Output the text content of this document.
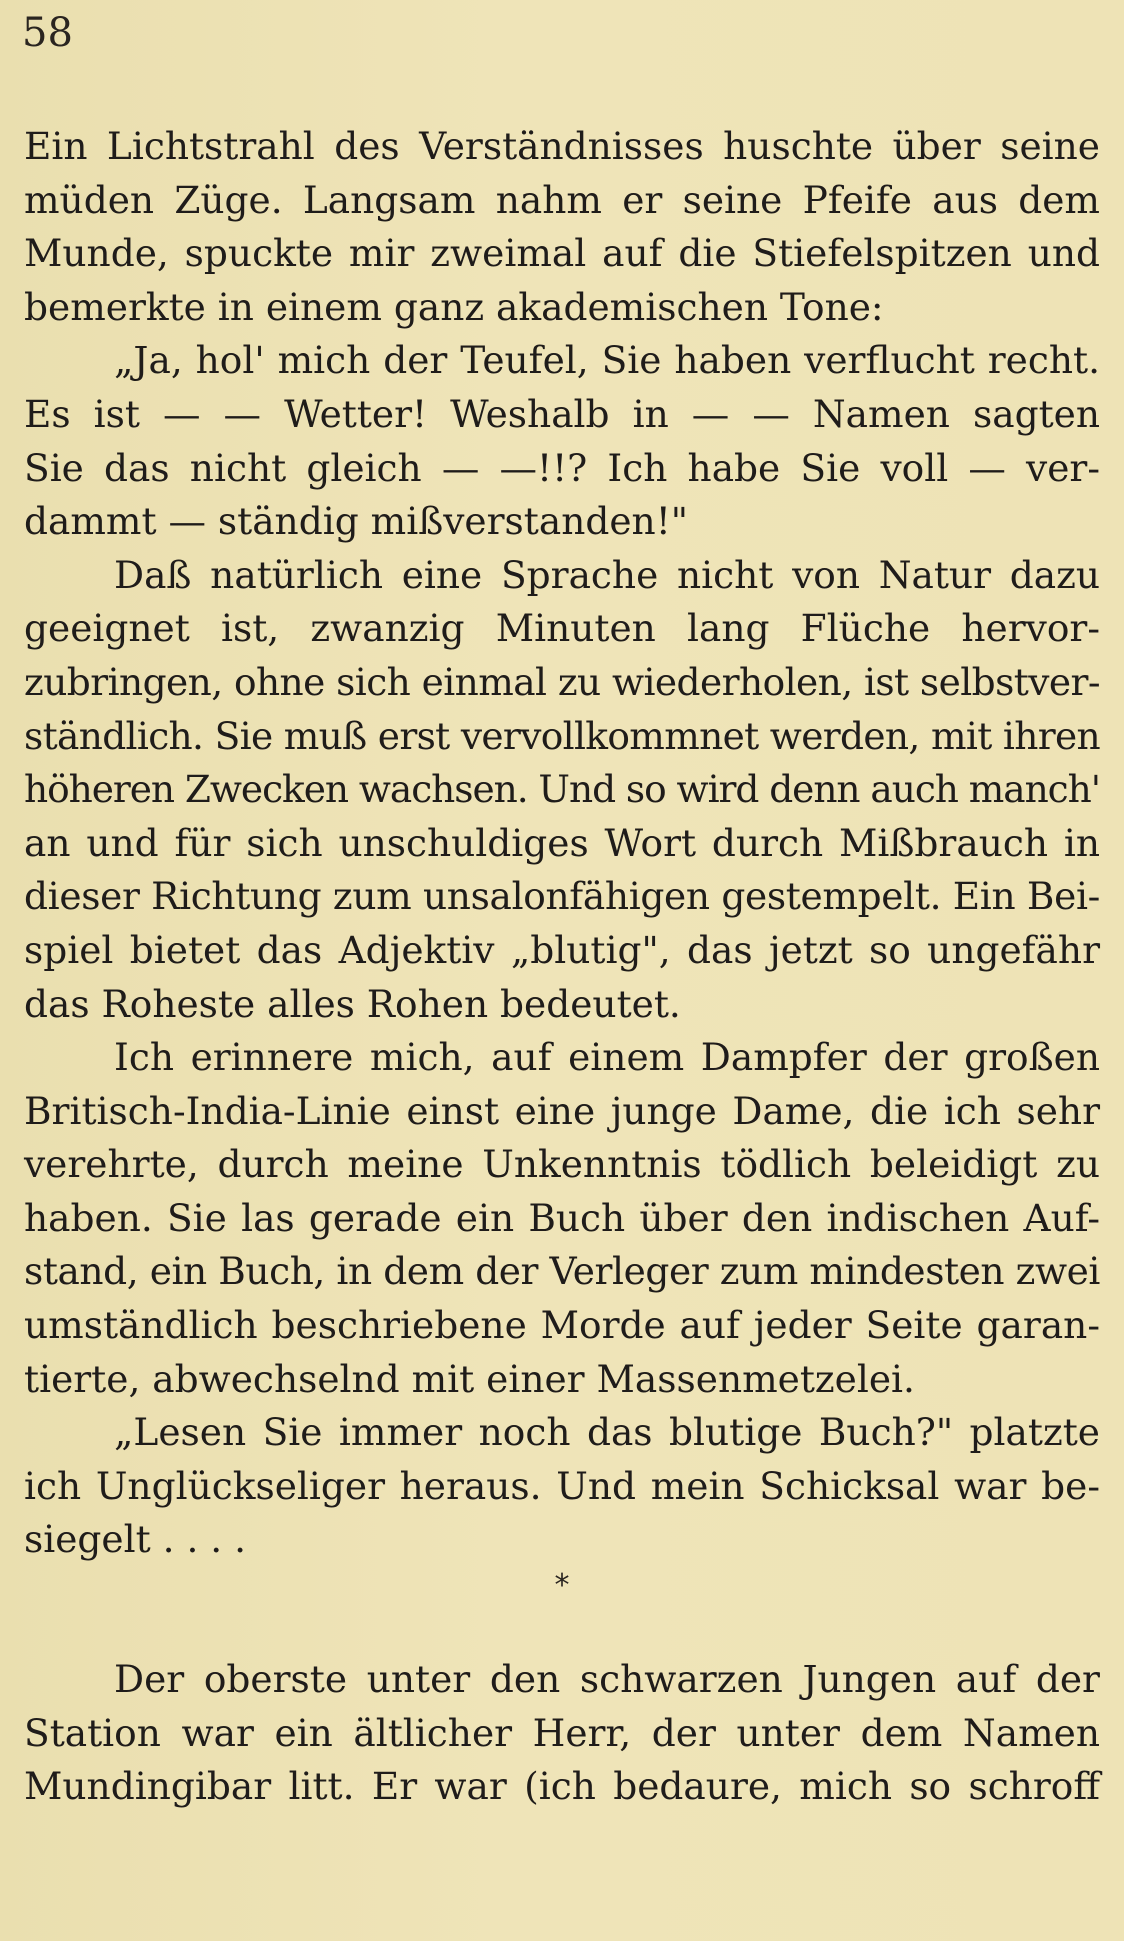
58
Ein Lichtstrahl des Verständnisses huschte über seine
müden Züge. Langsam nahm er seine Pfeife aus dem
Munde, spuckte mir zweimal auf die Stiefelspitzen und
bemerkte in einem ganz akademischen Tone:
„Ja, hol' mich der Teufel, Sie haben verflucht recht.
Es ist — — Wetter! Weshalb in — — Namen sagten
Sie das nicht gleich — —!!? Ich habe Sie voll — ver-
dammt — ständig mißverstanden!"
Daß natürlich eine Sprache nicht von Natur dazu
geeignet ist, zwanzig Minuten lang Flüche hervor-
zubringen, ohne sich einmal zu wiederholen, ist selbstver-
ständlich. Sie muß erst vervollkommnet werden, mit ihren
höheren Zwecken wachsen. Und so wird denn auch manch'
an und für sich unschuldiges Wort durch Mißbrauch in
dieser Richtung zum unsalonfähigen gestempelt. Ein Bei-
spiel bietet das Adjektiv „blutig", das jetzt so ungefähr
das Roheste alles Rohen bedeutet.
Ich erinnere mich, auf einem Dampfer der großen
Britisch-India-Linie einst eine junge Dame, die ich sehr
verehrte, durch meine Unkenntnis tödlich beleidigt zu
haben. Sie las gerade ein Buch über den indischen Auf-
stand, ein Buch, in dem der Verleger zum mindesten zwei
umständlich beschriebene Morde auf jeder Seite garan-
tierte, abwechselnd mit einer Massenmetzelei.
„Lesen Sie immer noch das blutige Buch?" platzte
ich Unglückseliger heraus. Und mein Schicksal war be-
siegelt . . . .
*
Der oberste unter den schwarzen Jungen auf der
Station war ein ältlicher Herr, der unter dem Namen
Mundingibar litt. Er war (ich bedaure, mich so schroff
